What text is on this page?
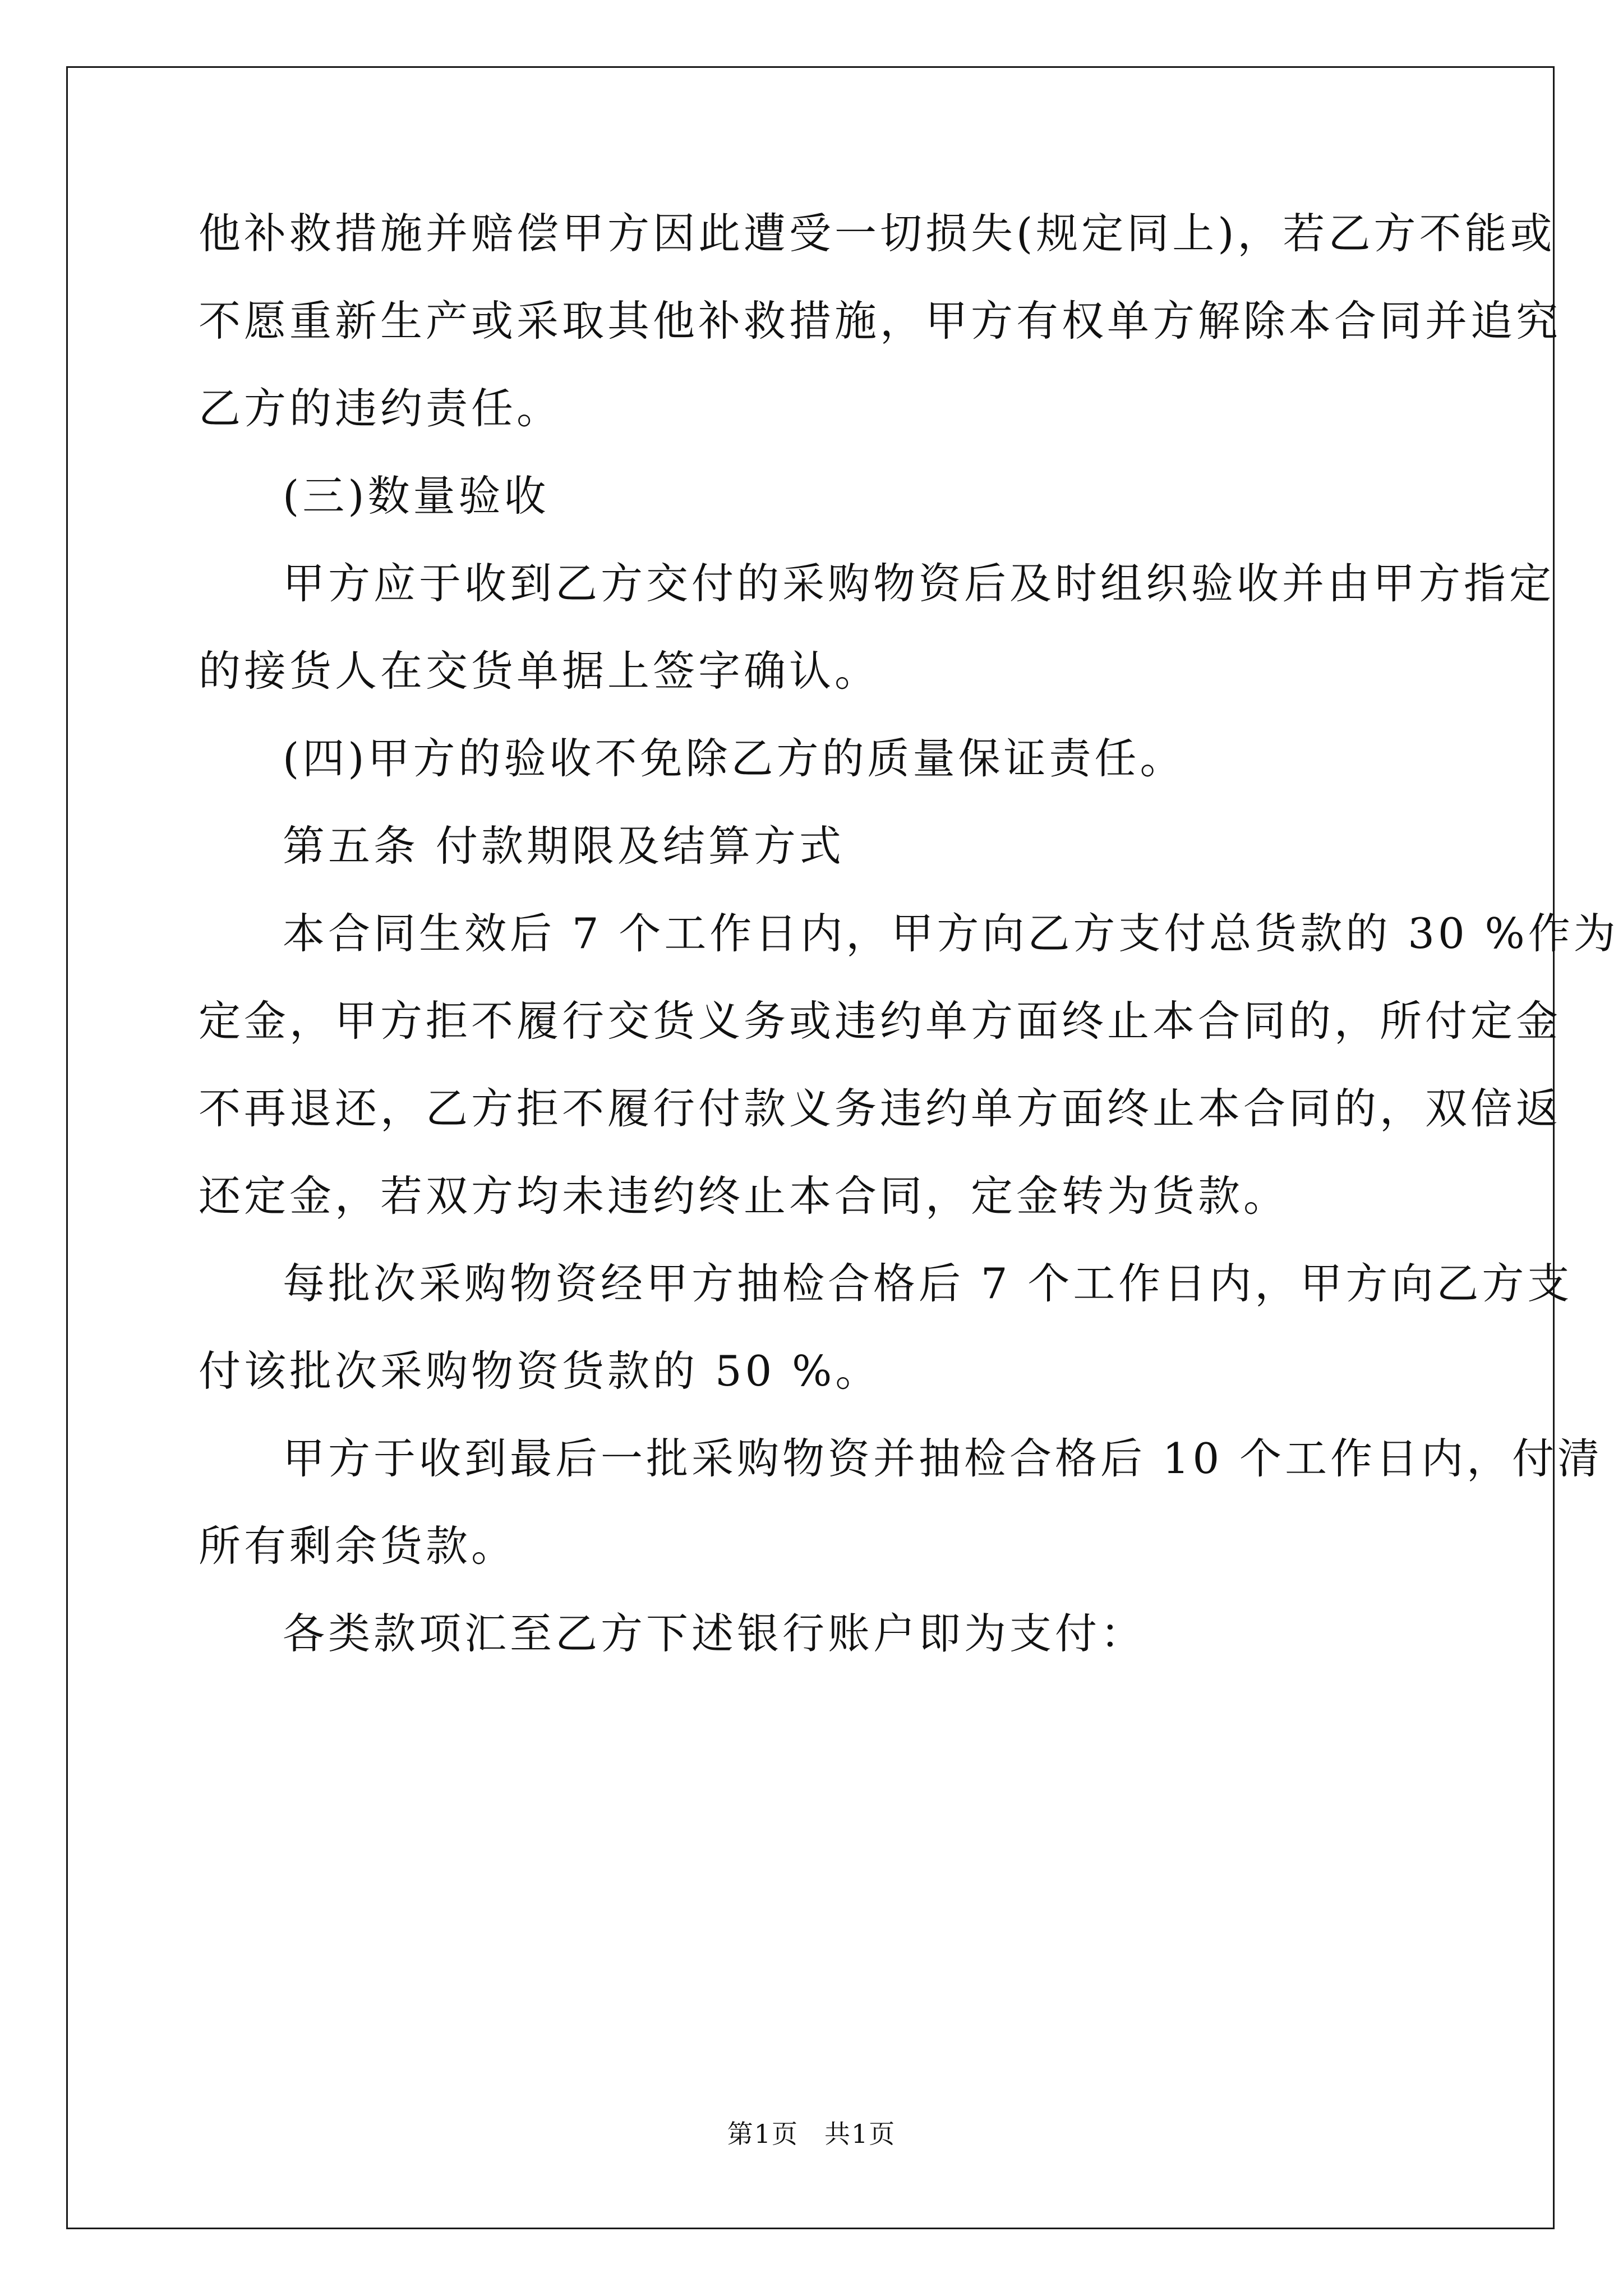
他补救措施并赔偿甲方因此遭受一切损失(规定同上)，若乙方不能或
不愿重新生产或采取其他补救措施，甲方有权单方解除本合同并追究
乙方的违约责任。
(三)数量验收
甲方应于收到乙方交付的采购物资后及时组织验收并由甲方指定
的接货人在交货单据上签字确认。
(四)甲方的验收不免除乙方的质量保证责任。
第五条 付款期限及结算方式
本合同生效后 7 个工作日内，甲方向乙方支付总货款的 30 %作为
定金，甲方拒不履行交货义务或违约单方面终止本合同的，所付定金
不再退还，乙方拒不履行付款义务违约单方面终止本合同的，双倍返
还定金，若双方均未违约终止本合同，定金转为货款。
每批次采购物资经甲方抽检合格后 7 个工作日内，甲方向乙方支
付该批次采购物资货款的 50 %。
甲方于收到最后一批采购物资并抽检合格后 10 个工作日内，付清
所有剩余货款。
各类款项汇至乙方下述银行账户即为支付：
第1页 共1页
